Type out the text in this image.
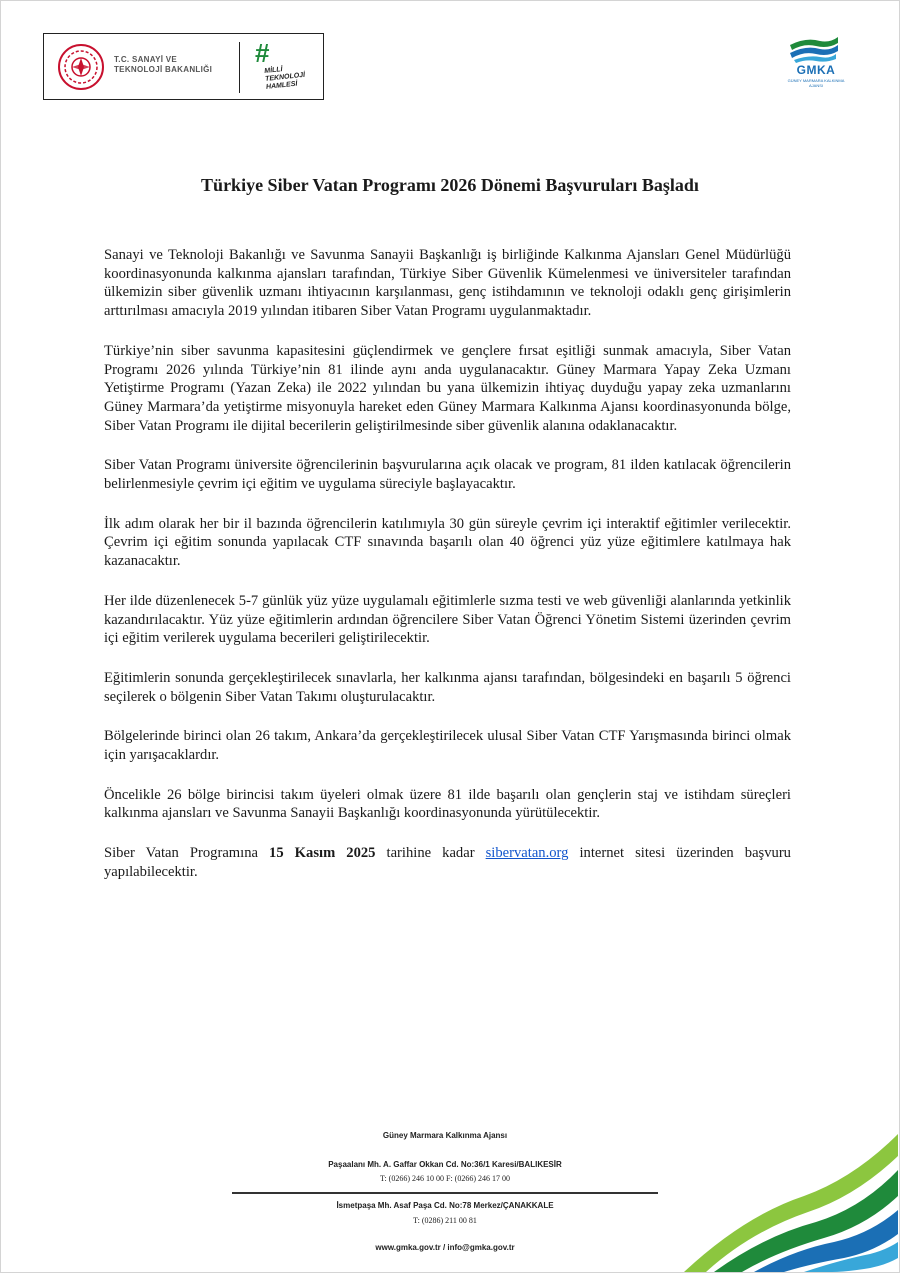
T.C. SANAYİ VE
TEKNOLOJİ BAKANLIĞI
#
MİLLİ TEKNOLOJİ HAMLESİ
GMKA
GÜNEY MARMARA KALKINMA AJANSI
Türkiye Siber Vatan Programı 2026 Dönemi Başvuruları Başladı

Sanayi ve Teknoloji Bakanlığı ve Savunma Sanayii Başkanlığı iş birliğinde Kalkınma Ajansları Genel Müdürlüğü koordinasyonunda kalkınma ajansları tarafından, Türkiye Siber Güvenlik Kümelenmesi ve üniversiteler tarafından ülkemizin siber güvenlik uzmanı ihtiyacının karşılanması, genç istihdamının ve teknoloji odaklı genç girişimlerin arttırılması amacıyla 2019 yılından itibaren Siber Vatan Programı uygulanmaktadır.

Türkiye’nin siber savunma kapasitesini güçlendirmek ve gençlere fırsat eşitliği sunmak amacıyla, Siber Vatan Programı 2026 yılında Türkiye’nin 81 ilinde aynı anda uygulanacaktır. Güney Marmara Yapay Zeka Uzmanı Yetiştirme Programı (Yazan Zeka) ile 2022 yılından bu yana ülkemizin ihtiyaç duyduğu yapay zeka uzmanlarını Güney Marmara’da yetiştirme misyonuyla hareket eden Güney Marmara Kalkınma Ajansı koordinasyonunda bölge, Siber Vatan Programı ile dijital becerilerin geliştirilmesinde siber güvenlik alanına odaklanacaktır.

Siber Vatan Programı üniversite öğrencilerinin başvurularına açık olacak ve program, 81 ilden katılacak öğrencilerin belirlenmesiyle çevrim içi eğitim ve uygulama süreciyle başlayacaktır.

İlk adım olarak her bir il bazında öğrencilerin katılımıyla 30 gün süreyle çevrim içi interaktif eğitimler verilecektir. Çevrim içi eğitim sonunda yapılacak CTF sınavında başarılı olan 40 öğrenci yüz yüze eğitimlere katılmaya hak kazanacaktır.

Her ilde düzenlenecek 5-7 günlük yüz yüze uygulamalı eğitimlerle sızma testi ve web güvenliği alanlarında yetkinlik kazandırılacaktır. Yüz yüze eğitimlerin ardından öğrencilere Siber Vatan Öğrenci Yönetim Sistemi üzerinden çevrim içi eğitim verilerek uygulama becerileri geliştirilecektir.

Eğitimlerin sonunda gerçekleştirilecek sınavlarla, her kalkınma ajansı tarafından, bölgesindeki en başarılı 5 öğrenci seçilerek o bölgenin Siber Vatan Takımı oluşturulacaktır.

Bölgelerinde birinci olan 26 takım, Ankara’da gerçekleştirilecek ulusal Siber Vatan CTF Yarışmasında birinci olmak için yarışacaklardır.

Öncelikle 26 bölge birincisi takım üyeleri olmak üzere 81 ilde başarılı olan gençlerin staj ve istihdam süreçleri kalkınma ajansları ve Savunma Sanayii Başkanlığı koordinasyonunda yürütülecektir.

Siber Vatan Programına 15 Kasım 2025 tarihine kadar sibervatan.org internet sitesi üzerinden başvuru yapılabilecektir.

Güney Marmara Kalkınma Ajansı
Paşaalanı Mh. A. Gaffar Okkan Cd. No:36/1 Karesi/BALIKESİR
T: (0266) 246 10 00 F: (0266) 246 17 00
İsmetpaşa Mh. Asaf Paşa Cd. No:78 Merkez/ÇANAKKALE
T: (0286) 211 00 81
www.gmka.gov.tr / info@gmka.gov.tr
